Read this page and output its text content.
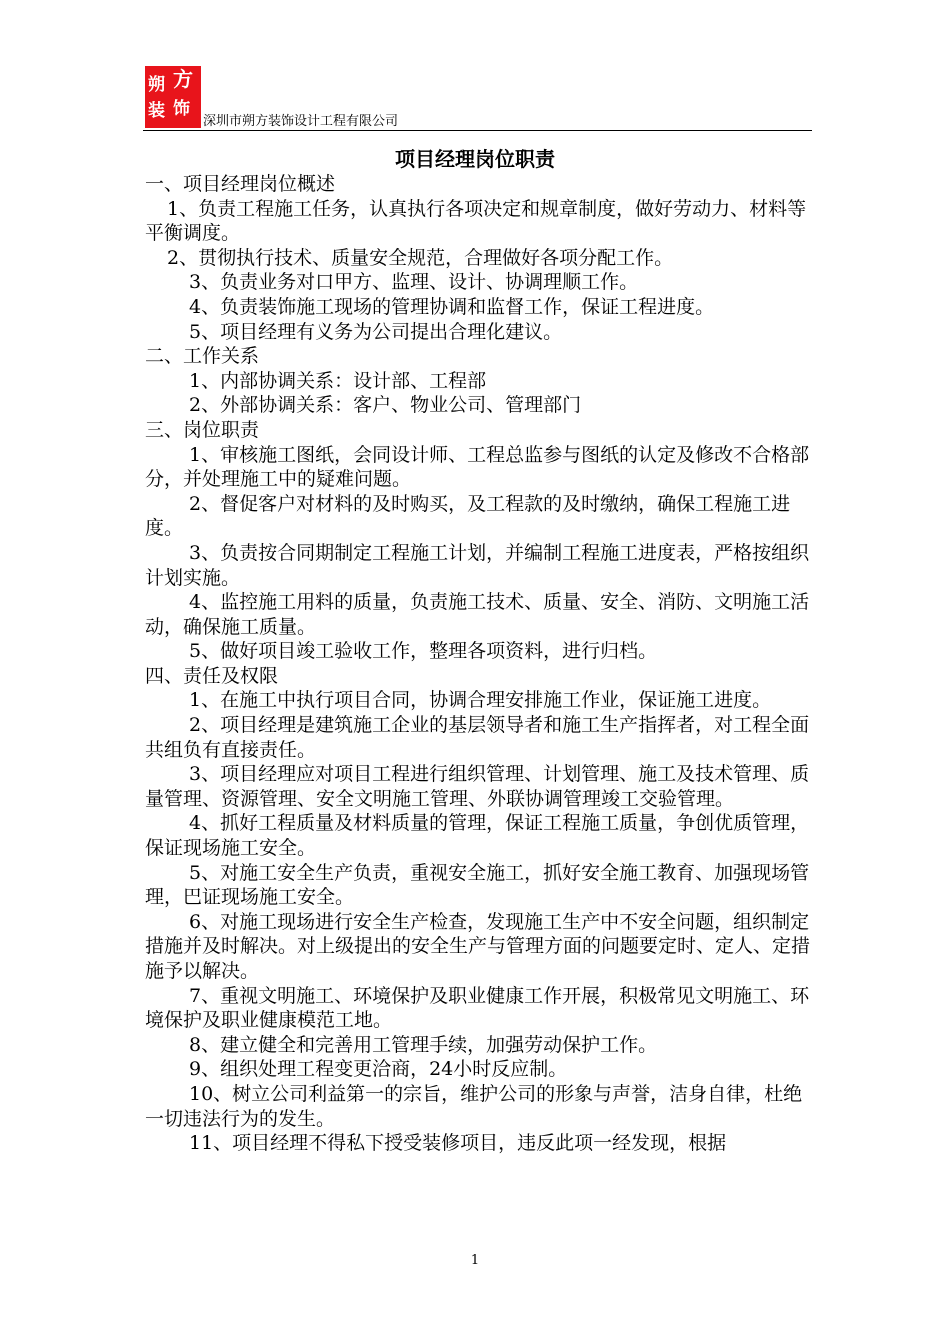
朔 方
装 饰
深圳市朔方装饰设计工程有限公司
项目经理岗位职责

一、项目经理岗位概述

1、负责工程施工任务，认真执行各项决定和规章制度，做好劳动力、材料等平衡调度。

2、贯彻执行技术、质量安全规范，合理做好各项分配工作。

3、负责业务对口甲方、监理、设计、协调理顺工作。

4、负责装饰施工现场的管理协调和监督工作，保证工程进度。

5、项目经理有义务为公司提出合理化建议。

二、工作关系

1、内部协调关系：设计部、工程部

2、外部协调关系：客户、物业公司、管理部门

三、岗位职责

1、审核施工图纸，会同设计师、工程总监参与图纸的认定及修改不合格部分，并处理施工中的疑难问题。

2、督促客户对材料的及时购买，及工程款的及时缴纳，确保工程施工进度。

3、负责按合同期制定工程施工计划，并编制工程施工进度表，严格按组织计划实施。

4、监控施工用料的质量，负责施工技术、质量、安全、消防、文明施工活动，确保施工质量。

5、做好项目竣工验收工作，整理各项资料，进行归档。

四、责任及权限

1、在施工中执行项目合同，协调合理安排施工作业，保证施工进度。

2、项目经理是建筑施工企业的基层领导者和施工生产指挥者，对工程全面共组负有直接责任。

3、项目经理应对项目工程进行组织管理、计划管理、施工及技术管理、质量管理、资源管理、安全文明施工管理、外联协调管理竣工交验管理。

4、抓好工程质量及材料质量的管理，保证工程施工质量，争创优质管理，保证现场施工安全。

5、对施工安全生产负责，重视安全施工，抓好安全施工教育、加强现场管理，巴证现场施工安全。

6、对施工现场进行安全生产检查，发现施工生产中不安全问题，组织制定措施并及时解决。对上级提出的安全生产与管理方面的问题要定时、定人、定措施予以解决。

7、重视文明施工、环境保护及职业健康工作开展，积极常见文明施工、环境保护及职业健康模范工地。

8、建立健全和完善用工管理手续，加强劳动保护工作。

9、组织处理工程变更洽商，24小时反应制。

10、树立公司利益第一的宗旨，维护公司的形象与声誉，洁身自律，杜绝一切违法行为的发生。

11、项目经理不得私下授受装修项目，违反此项一经发现，根据

1
